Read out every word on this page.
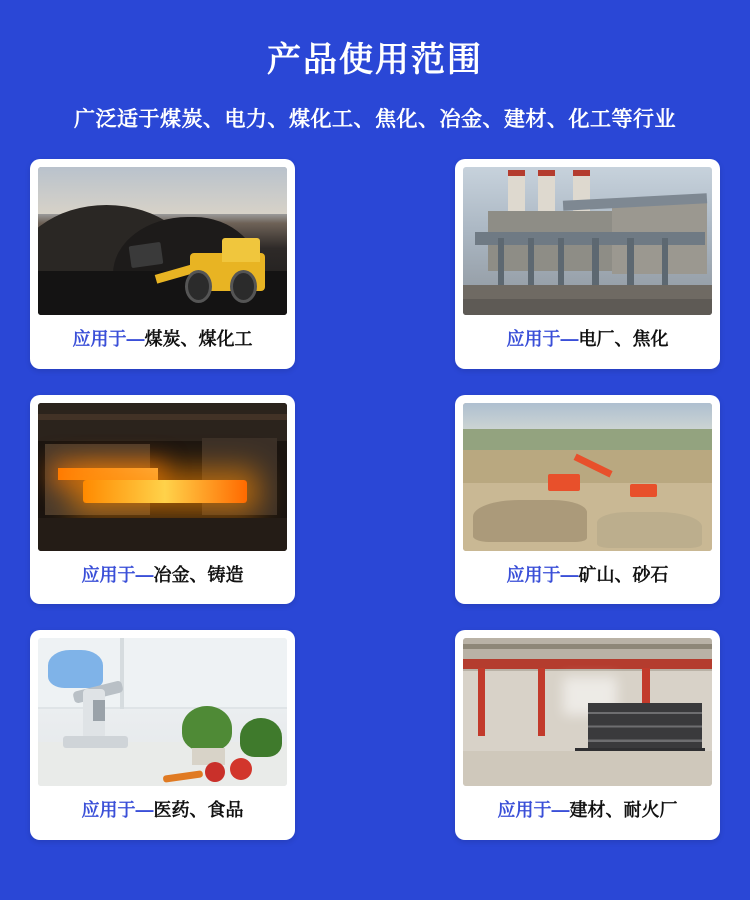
产品使用范围
广泛适于煤炭、电力、煤化工、焦化、冶金、建材、化工等行业
应用于—煤炭、煤化工	应用于—电厂、焦化
应用于—冶金、铸造	应用于—矿山、砂石
应用于—医药、食品	应用于—建材、耐火厂
